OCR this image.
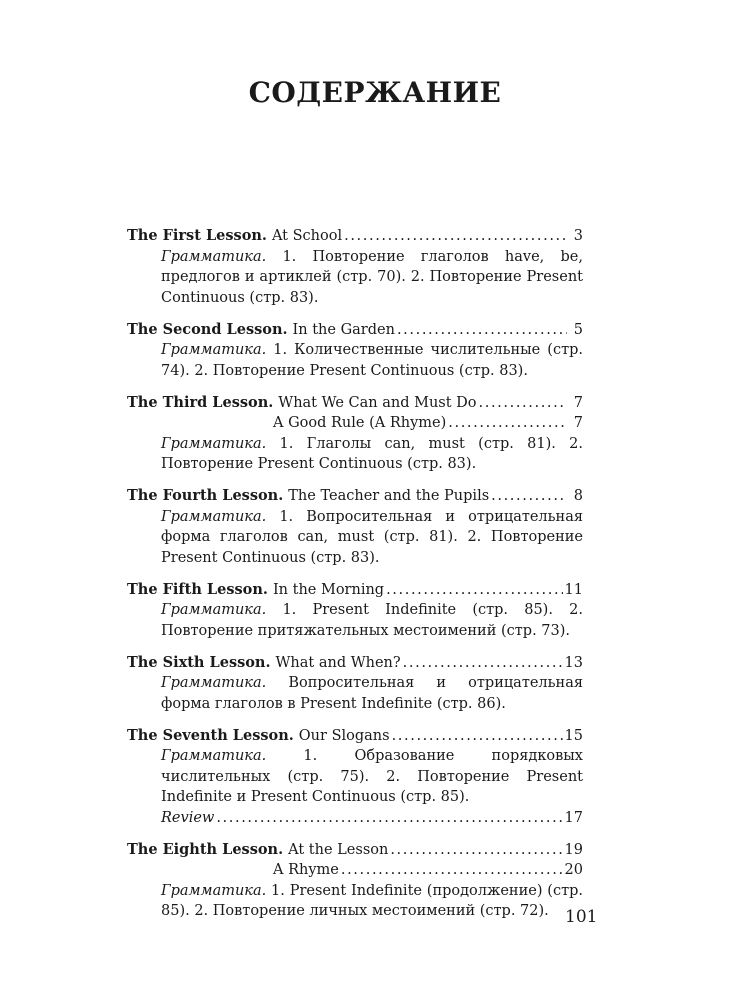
СОДЕРЖАНИЕ
The First Lesson. At School . . .	3
Грамматика. 1. Повторение глаголов have, be, предлогов и артиклей (стр. 70). 2. Повторение Present Continuous (стр. 83).
The Second Lesson. In the Garden . . .	5
Грамматика. 1. Количественные числительные (стр. 74). 2. Повторение Present Continuous (стр. 83).
The Third Lesson. What We Can and Must Do . . .	7
A Good Rule (A Rhyme) . . .	7
Грамматика. 1. Глаголы can, must (стр. 81). 2. Повторение Present Continuous (стр. 83).
The Fourth Lesson. The Teacher and the Pupils . . .	8
Грамматика. 1. Вопросительная и отрицательная форма глаголов can, must (стр. 81). 2. Повторение Present Continuous (стр. 83).
The Fifth Lesson. In the Morning . . .	11
Грамматика. 1. Present Indefinite (стр. 85). 2. Повторение притяжательных местоимений (стр. 73).
The Sixth Lesson. What and When? . . .	13
Грамматика. Вопросительная и отрицательная форма глаголов в Present Indefinite (стр. 86).
The Seventh Lesson. Our Slogans . . .	15
Грамматика.	1. Образование порядковых числительных (стр. 75). 2. Повторение Present Indefinite и Present Continuous (стр. 85).
Review . . .	17
The Eighth Lesson. At the Lesson . . .	19
A Rhyme . . .	20
Грамматика. 1. Present Indefinite (продолжение) (стр. 85). 2. Повторение личных местоимений (стр. 72). 101
